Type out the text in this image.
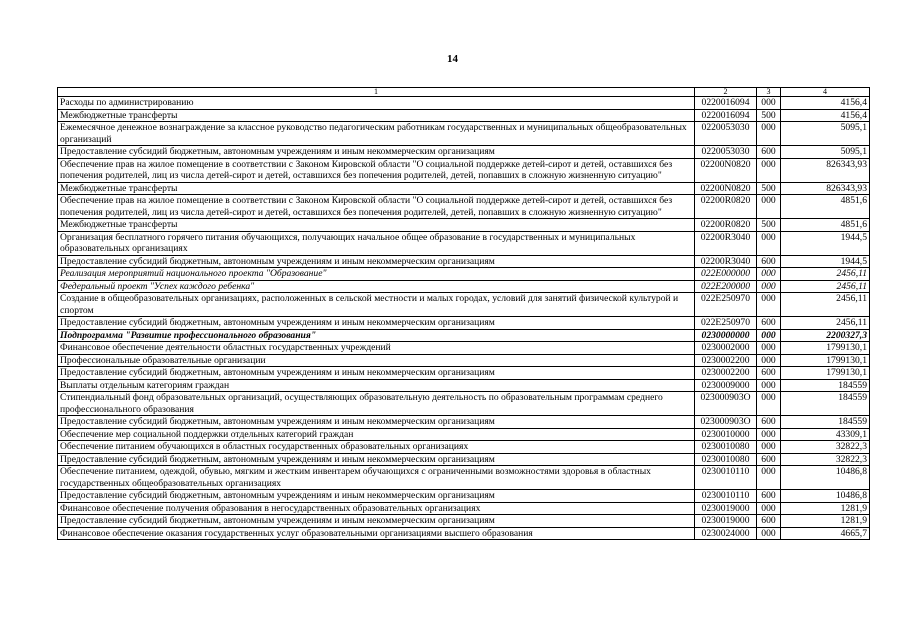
14
1	2	3	4
Расходы по администрированию	0220016094	000	4156,4
Межбюджетные трансферты	0220016094	500	4156,4
Ежемесячное денежное вознаграждение за классное руководство педагогическим работникам государственных и муниципальных общеобразовательных организаций	0220053030	000	5095,1
Предоставление субсидий бюджетным, автономным учреждениям и иным некоммерческим организациям	0220053030	600	5095,1
Обеспечение прав на жилое помещение в соответствии с Законом Кировской области "О социальной поддержке детей-сирот и детей, оставшихся без попечения родителей, лиц из числа детей-сирот и детей, оставшихся без попечения родителей, детей, попавших в сложную жизненную ситуацию"	02200N0820	000	826343,93
Межбюджетные трансферты	02200N0820	500	826343,93
Обеспечение прав на жилое помещение в соответствии с Законом Кировской области "О социальной поддержке детей-сирот и детей, оставшихся без попечения родителей, лиц из числа детей-сирот и детей, оставшихся без попечения родителей, детей, попавших в сложную жизненную ситуацию"	02200R0820	000	4851,6
Межбюджетные трансферты	02200R0820	500	4851,6
Организация бесплатного горячего питания обучающихся, получающих начальное общее образование в государственных и муниципальных образовательных организациях	02200R3040	000	1944,5
Предоставление субсидий бюджетным, автономным учреждениям и иным некоммерческим организациям	02200R3040	600	1944,5
Реализация мероприятий национального проекта "Образование"	022E000000	000	2456,11
Федеральный проект "Успех каждого ребенка"	022E200000	000	2456,11
Создание в общеобразовательных организациях, расположенных в сельской местности и малых городах, условий для занятий физической культурой и спортом	022E250970	000	2456,11
Предоставление субсидий бюджетным, автономным учреждениям и иным некоммерческим организациям	022E250970	600	2456,11
Подпрограмма "Развитие профессионального образования"	0230000000	000	2200327,3
Финансовое обеспечение деятельности областных государственных учреждений	0230002000	000	1799130,1
Профессиональные образовательные организации	0230002200	000	1799130,1
Предоставление субсидий бюджетным, автономным учреждениям и иным некоммерческим организациям	0230002200	600	1799130,1
Выплаты отдельным категориям граждан	0230009000	000	184559
Стипендиальный фонд образовательных организаций, осуществляющих образовательную деятельность по образовательным программам среднего профессионального образования	023000903О	000	184559
Предоставление субсидий бюджетным, автономным учреждениям и иным некоммерческим организациям	023000903О	600	184559
Обеспечение мер социальной поддержки отдельных категорий граждан	0230010000	000	43309,1
Обеспечение питанием обучающихся в областных государственных образовательных организациях	0230010080	000	32822,3
Предоставление субсидий бюджетным, автономным учреждениям и иным некоммерческим организациям	0230010080	600	32822,3
Обеспечение питанием, одеждой, обувью, мягким и жестким инвентарем обучающихся с ограниченными возможностями здоровья в областных государственных общеобразовательных организациях	0230010110	000	10486,8
Предоставление субсидий бюджетным, автономным учреждениям и иным некоммерческим организациям	0230010110	600	10486,8
Финансовое обеспечение получения образования в негосударственных образовательных организациях	0230019000	000	1281,9
Предоставление субсидий бюджетным, автономным учреждениям и иным некоммерческим организациям	0230019000	600	1281,9
Финансовое обеспечение оказания государственных услуг образовательными организациями высшего образования	0230024000	000	4665,7
